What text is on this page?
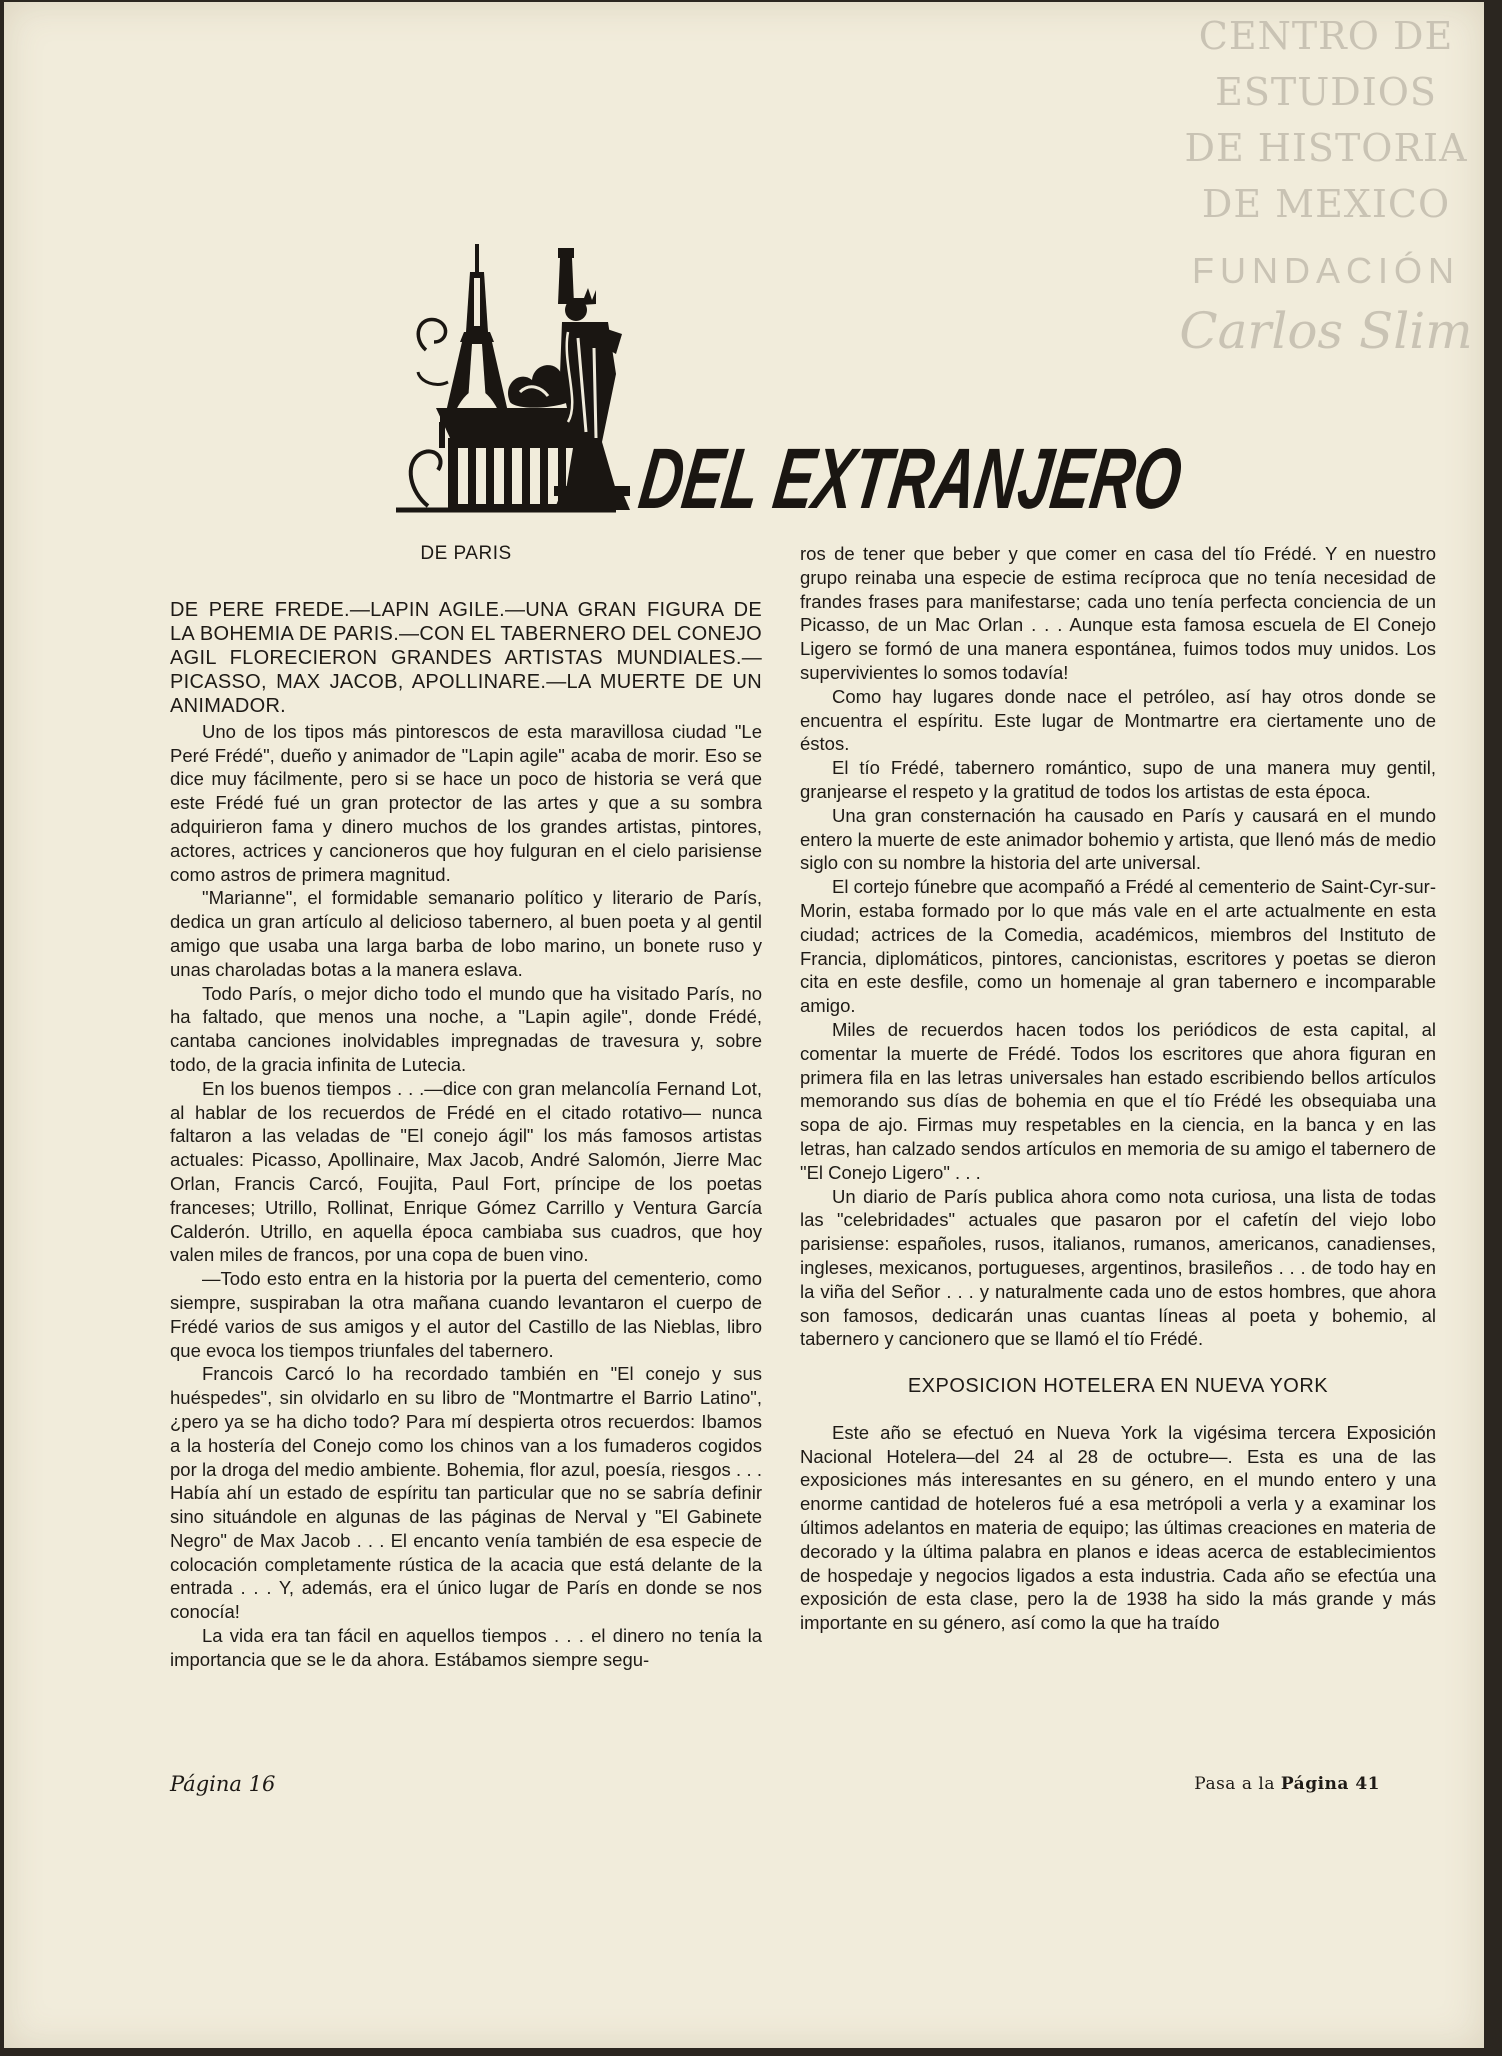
CENTRO DE
ESTUDIOS
DE HISTORIA
DE MEXICO
FUNDACIÓN
Carlos Slim
DEL EXTRANJERO

DE PARIS

DE PERE FREDE.—LAPIN AGILE.—UNA GRAN FIGURA DE LA BOHEMIA DE PARIS.—CON EL TABERNERO DEL CONEJO AGIL FLORECIERON GRANDES ARTISTAS MUNDIALES.—PICASSO, MAX JACOB, APOLLINARE.—LA MUERTE DE UN ANIMADOR.

Uno de los tipos más pintorescos de esta maravillosa ciudad "Le Peré Frédé", dueño y animador de "Lapin agile" acaba de morir. Eso se dice muy fácilmente, pero si se hace un poco de historia se verá que este Frédé fué un gran protector de las artes y que a su sombra adquirieron fama y dinero muchos de los grandes artistas, pintores, actores, actrices y cancioneros que hoy fulguran en el cielo parisiense como astros de primera magnitud.

"Marianne", el formidable semanario político y literario de París, dedica un gran artículo al delicioso tabernero, al buen poeta y al gentil amigo que usaba una larga barba de lobo marino, un bonete ruso y unas charoladas botas a la manera eslava.

Todo París, o mejor dicho todo el mundo que ha visitado París, no ha faltado, que menos una noche, a "Lapin agile", donde Frédé, cantaba canciones inolvidables impregnadas de travesura y, sobre todo, de la gracia infinita de Lutecia.

En los buenos tiempos . . .—dice con gran melancolía Fernand Lot, al hablar de los recuerdos de Frédé en el citado rotativo— nunca faltaron a las veladas de "El conejo ágil" los más famosos artistas actuales: Picasso, Apollinaire, Max Jacob, André Salomón, Jierre Mac Orlan, Francis Carcó, Foujita, Paul Fort, príncipe de los poetas franceses; Utrillo, Rollinat, Enrique Gómez Carrillo y Ventura García Calderón. Utrillo, en aquella época cambiaba sus cuadros, que hoy valen miles de francos, por una copa de buen vino.

—Todo esto entra en la historia por la puerta del cementerio, como siempre, suspiraban la otra mañana cuando levantaron el cuerpo de Frédé varios de sus amigos y el autor del Castillo de las Nieblas, libro que evoca los tiempos triunfales del tabernero.

Francois Carcó lo ha recordado también en "El conejo y sus huéspedes", sin olvidarlo en su libro de "Montmartre el Barrio Latino", ¿pero ya se ha dicho todo? Para mí despierta otros recuerdos: Ibamos a la hostería del Conejo como los chinos van a los fumaderos cogidos por la droga del medio ambiente. Bohemia, flor azul, poesía, riesgos . . . Había ahí un estado de espíritu tan particular que no se sabría definir sino situándole en algunas de las páginas de Nerval y "El Gabinete Negro" de Max Jacob . . . El encanto venía también de esa especie de colocación completamente rústica de la acacia que está delante de la entrada . . . Y, además, era el único lugar de París en donde se nos conocía!

La vida era tan fácil en aquellos tiempos . . . el dinero no tenía la importancia que se le da ahora. Estábamos siempre segu-

ros de tener que beber y que comer en casa del tío Frédé. Y en nuestro grupo reinaba una especie de estima recíproca que no tenía necesidad de frandes frases para manifestarse; cada uno tenía perfecta conciencia de un Picasso, de un Mac Orlan . . . Aunque esta famosa escuela de El Conejo Ligero se formó de una manera espontánea, fuimos todos muy unidos. Los supervivientes lo somos todavía!

Como hay lugares donde nace el petróleo, así hay otros donde se encuentra el espíritu. Este lugar de Montmartre era ciertamente uno de éstos.

El tío Frédé, tabernero romántico, supo de una manera muy gentil, granjearse el respeto y la gratitud de todos los artistas de esta época.

Una gran consternación ha causado en París y causará en el mundo entero la muerte de este animador bohemio y artista, que llenó más de medio siglo con su nombre la historia del arte universal.

El cortejo fúnebre que acompañó a Frédé al cementerio de Saint-Cyr-sur-Morin, estaba formado por lo que más vale en el arte actualmente en esta ciudad; actrices de la Comedia, académicos, miembros del Instituto de Francia, diplomáticos, pintores, cancionistas, escritores y poetas se dieron cita en este desfile, como un homenaje al gran tabernero e incomparable amigo.

Miles de recuerdos hacen todos los periódicos de esta capital, al comentar la muerte de Frédé. Todos los escritores que ahora figuran en primera fila en las letras universales han estado escribiendo bellos artículos memorando sus días de bohemia en que el tío Frédé les obsequiaba una sopa de ajo. Firmas muy respetables en la ciencia, en la banca y en las letras, han calzado sendos artículos en memoria de su amigo el tabernero de "El Conejo Ligero" . . .

Un diario de París publica ahora como nota curiosa, una lista de todas las "celebridades" actuales que pasaron por el cafetín del viejo lobo parisiense: españoles, rusos, italianos, rumanos, americanos, canadienses, ingleses, mexicanos, portugueses, argentinos, brasileños . . . de todo hay en la viña del Señor . . . y naturalmente cada uno de estos hombres, que ahora son famosos, dedicarán unas cuantas líneas al poeta y bohemio, al tabernero y cancionero que se llamó el tío Frédé.

EXPOSICION HOTELERA EN NUEVA YORK

Este año se efectuó en Nueva York la vigésima tercera Exposición Nacional Hotelera—del 24 al 28 de octubre—. Esta es una de las exposiciones más interesantes en su género, en el mundo entero y una enorme cantidad de hoteleros fué a esa metrópoli a verla y a examinar los últimos adelantos en materia de equipo; las últimas creaciones en materia de decorado y la última palabra en planos e ideas acerca de establecimientos de hospedaje y negocios ligados a esta industria. Cada año se efectúa una exposición de esta clase, pero la de 1938 ha sido la más grande y más importante en su género, así como la que ha traído

Página 16	Pasa a la Página 41
